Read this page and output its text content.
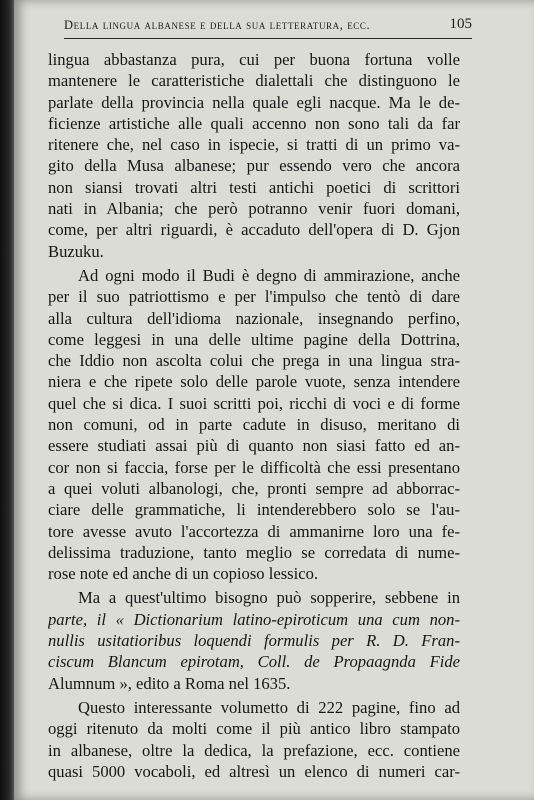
Della lingua albanese e della sua letteratura, ecc.	105
lingua abbastanza pura, cui per buona fortuna volle
mantenere le caratteristiche dialettali che distinguono le
parlate della provincia nella quale egli nacque. Ma le de-
ficienze artistiche alle quali accenno non sono tali da far
ritenere che, nel caso in ispecie, si tratti di un primo va-
gito della Musa albanese; pur essendo vero che ancora
non siansi trovati altri testi antichi poetici di scrittori
nati in Albania; che però potranno venir fuori domani,
come, per altri riguardi, è accaduto dell'opera di D. Gjon
Buzuku.
Ad ogni modo il Budi è degno di ammirazione, anche
per il suo patriottismo e per l'impulso che tentò di dare
alla cultura dell'idioma nazionale, insegnando perfino,
come leggesi in una delle ultime pagine della Dottrina,
che Iddio non ascolta colui che prega in una lingua stra-
niera e che ripete solo delle parole vuote, senza intendere
quel che si dica. I suoi scritti poi, ricchi di voci e di forme
non comuni, od in parte cadute in disuso, meritano di
essere studiati assai più di quanto non siasi fatto ed an-
cor non si faccia, forse per le difficoltà che essi presentano
a quei voluti albanologi, che, pronti sempre ad abborrac-
ciare delle grammatiche, li intenderebbero solo se l'au-
tore avesse avuto l'accortezza di ammanirne loro una fe-
delissima traduzione, tanto meglio se corredata di nume-
rose note ed anche di un copioso lessico.
Ma a quest'ultimo bisogno può sopperire, sebbene in
parte, il « Dictionarium latino-epiroticum una cum non-
nullis usitatioribus loquendi formulis per R. D. Fran-
ciscum Blancum epirotam, Coll. de Propaagnda Fide
Alumnum », edito a Roma nel 1635.
Questo interessante volumetto di 222 pagine, fino ad
oggi ritenuto da molti come il più antico libro stampato
in albanese, oltre la dedica, la prefazione, ecc. contiene
quasi 5000 vocaboli, ed altresì un elenco di numeri car-
